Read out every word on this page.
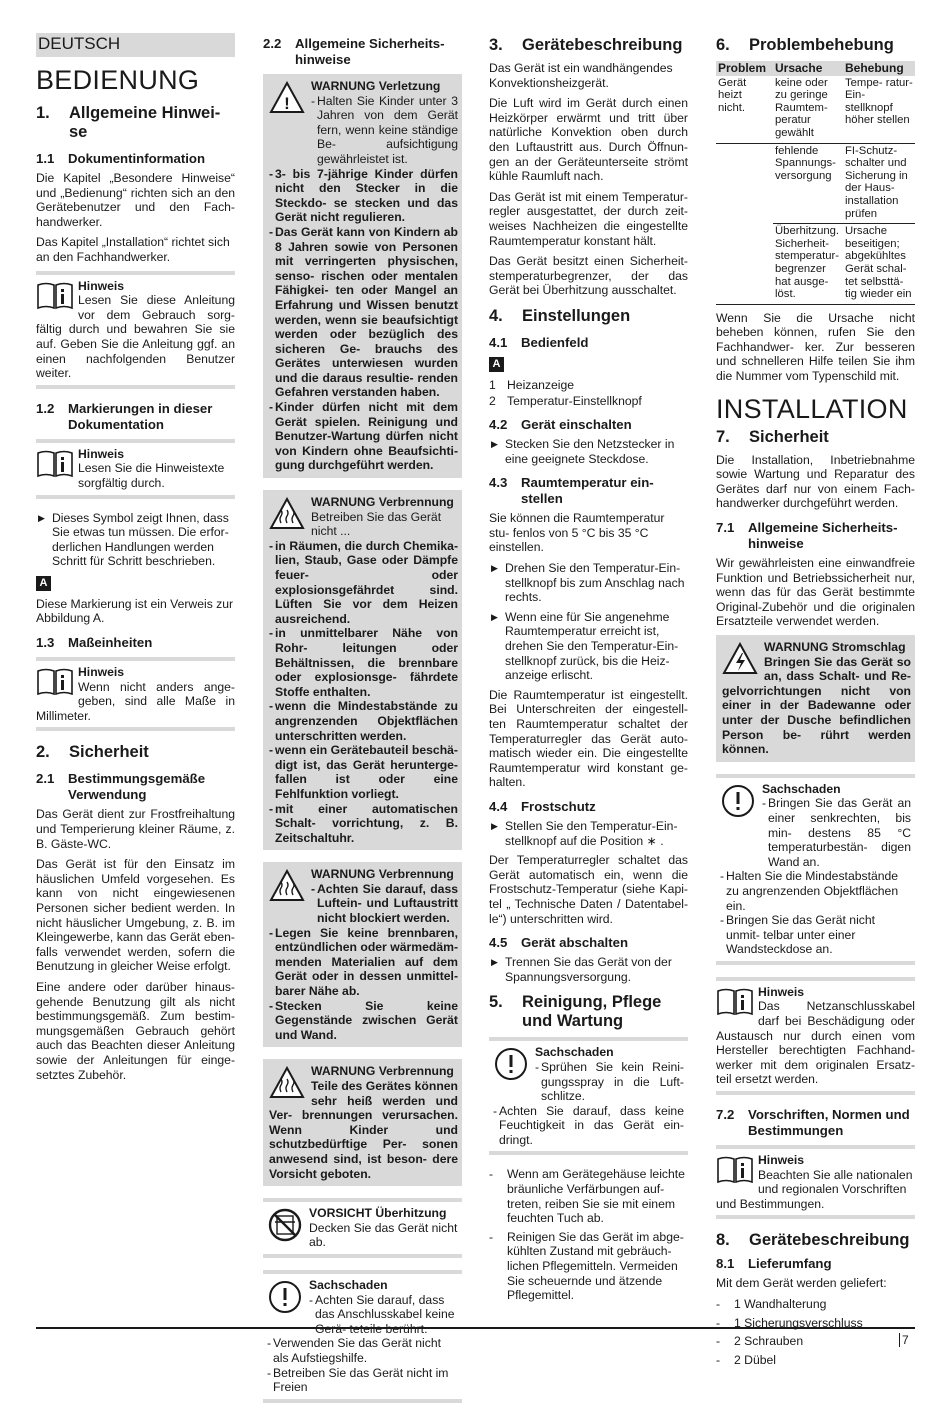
DEUTSCH
BEDIENUNG
1.	Allgemeine Hinwei- se
1.1	Dokumentinformation

Die Kapitel „Besondere Hinweise“ und „Bedienung“ richten sich an den Gerätebenutzer und den Fach- handwerker.

Das Kapitel „Installation“ richtet sich an den Fachhandwerker.

Hinweis
Lesen Sie diese Anleitung vor dem Gebrauch sorg- fältig durch und bewahren Sie sie auf. Geben Sie die Anleitung ggf. an einen nachfolgenden Benutzer weiter.
1.2	Markierungen in dieser Dokumentation
Hinweis
Lesen Sie die Hinweistexte sorgfältig durch.
▶ Dieses Symbol zeigt Ihnen, dass Sie etwas tun müssen. Die erfor- derlichen Handlungen werden Schritt für Schritt beschrieben.
A

Diese Markierung ist ein Verweis zur Abbildung A.

1.3	Maßeinheiten
Hinweis
Wenn nicht anders ange- geben, sind alle Maße in Millimeter.
2.	Sicherheit
2.1	Bestimmungsgemäße Verwendung

Das Gerät dient zur Frostfreihaltung und Temperierung kleiner Räume, z. B. Gäste-WC.

Das Gerät ist für den Einsatz im häuslichen Umfeld vorgesehen. Es kann von nicht eingewiesenen Personen sicher bedient werden. In nicht häuslicher Umgebung, z. B. im Kleingewerbe, kann das Gerät eben- falls verwendet werden, sofern die Benutzung in gleicher Weise erfolgt.

Eine andere oder darüber hinaus- gehende Benutzung gilt als nicht bestimmungsgemäß. Zum bestim- mungsgemäßen Gebrauch gehört auch das Beachten dieser Anleitung sowie der Anleitungen für einge- setztes Zubehör.

2.2	Allgemeine Sicherheits- hinweise
!
WARNUNG Verletzung
- Halten Sie Kinder unter 3 Jahren von dem Gerät fern, wenn keine ständige Be- aufsichtigung gewährleistet ist.
- 3- bis 7-jährige Kinder dürfen nicht den Stecker in die Steckdo- se stecken und das Gerät nicht regulieren.
- Das Gerät kann von Kindern ab 8 Jahren sowie von Personen mit verringerten physischen, senso- rischen oder mentalen Fähigkei- ten oder Mangel an Erfahrung und Wissen benutzt werden, wenn sie beaufsichtigt werden oder bezüglich des sicheren Ge- brauchs des Gerätes unterwiesen wurden und die daraus resultie- renden Gefahren verstanden haben.
- Kinder dürfen nicht mit dem Gerät spielen. Reinigung und Benutzer-Wartung dürfen nicht von Kindern ohne Beaufsichti- gung durchgeführt werden.
WARNUNG Verbrennung
Betreiben Sie das Gerät nicht ...
- in Räumen, die durch Chemika- lien, Staub, Gase oder Dämpfe feuer- oder explosionsgefährdet sind. Lüften Sie vor dem Heizen ausreichend.
- in unmittelbarer Nähe von Rohr- leitungen oder Behältnissen, die brennbare oder explosionsge- fährdete Stoffe enthalten.
- wenn die Mindestabstände zu angrenzenden Objektflächen unterschritten werden.
- wenn ein Gerätebauteil beschä- digt ist, das Gerät herunterge- fallen ist oder eine Fehlfunktion vorliegt.
- mit einer automatischen Schalt- vorrichtung, z. B. Zeitschaltuhr.
WARNUNG Verbrennung
- Achten Sie darauf, dass Luftein- und Luftaustritt nicht blockiert werden.
- Legen Sie keine brennbaren, entzündlichen oder wärmedäm- menden Materialien auf dem Gerät oder in dessen unmittel- barer Nähe ab.
- Stecken Sie keine Gegenstände zwischen Gerät und Wand.
WARNUNG Verbrennung
Teile des Gerätes können sehr heiß werden und Ver- brennungen verursachen. Wenn Kinder und schutzbedürftige Per- sonen anwesend sind, ist beson- dere Vorsicht geboten.
VORSICHT Überhitzung
Decken Sie das Gerät nicht ab.
Sachschaden
- Achten Sie darauf, dass das Anschlusskabel keine Gerä- teteile berührt.
- Verwenden Sie das Gerät nicht als Aufstiegshilfe.
- Betreiben Sie das Gerät nicht im Freien
3.	Gerätebeschreibung

Das Gerät ist ein wandhängendes Konvektionsheizgerät.

Die Luft wird im Gerät durch einen Heizkörper erwärmt und tritt über natürliche Konvektion oben durch den Luftaustritt aus. Durch Öffnun- gen an der Geräteunterseite strömt kühle Raumluft nach.

Das Gerät ist mit einem Temperatur- regler ausgestattet, der durch zeit- weises Nachheizen die eingestellte Raumtemperatur konstant hält.

Das Gerät besitzt einen Sicherheit- stemperaturbegrenzer, der das Gerät bei Überhitzung ausschaltet.

4.	Einstellungen
4.1	Bedienfeld
A
1 Heizanzeige
2 Temperatur-Einstellknopf
4.2	Gerät einschalten
▶ Stecken Sie den Netzstecker in eine geeignete Steckdose.
4.3	Raumtemperatur ein- stellen

Sie können die Raumtemperatur stu- fenlos von 5 °C bis 35 °C einstellen.

▶ Drehen Sie den Temperatur-Ein- stellknopf bis zum Anschlag nach rechts.
▶ Wenn eine für Sie angenehme Raumtemperatur erreicht ist, drehen Sie den Temperatur-Ein- stellknopf zurück, bis die Heiz- anzeige erlischt.

Die Raumtemperatur ist eingestellt. Bei Unterschreiten der eingestell- ten Raumtemperatur schaltet der Temperaturregler das Gerät auto- matisch wieder ein. Die eingestellte Raumtemperatur wird konstant ge- halten.

4.4	Frostschutz
▶ Stellen Sie den Temperatur-Ein- stellknopf auf die Position ∗ .

Der Temperaturregler schaltet das Gerät automatisch ein, wenn die Frostschutz-Temperatur (siehe Kapi- tel „ Technische Daten / Datentabel- le“) unterschritten wird.

4.5	Gerät abschalten
▶ Trennen Sie das Gerät von der Spannungsversorgung.
5.	Reinigung, Pflege und Wartung
Sachschaden
- Sprühen Sie kein Reini- gungsspray in die Luft- schlitze.
- Achten Sie darauf, dass keine Feuchtigkeit in das Gerät ein- dringt.
-	Wenn am Gerätegehäuse leichte bräunliche Verfärbungen auf- treten, reiben Sie sie mit einem feuchten Tuch ab.
-	Reinigen Sie das Gerät im abge- kühlten Zustand mit gebräuch- lichen Pflegemitteln. Vermeiden Sie scheuernde und ätzende Pflegemittel.
6.	Problembehebung
Problem	Ursache	Behebung
Gerät heizt nicht.	keine oder zu geringe Raumtem- peratur gewählt	Tempe- ratur-Ein- stellknopf höher stellen
	fehlende Spannungs- versorgung	FI-Schutz- schalter und Sicherung in der Haus- installation prüfen
	Überhitzung. Sicherheit- stemperatur- begrenzer hat ausge- löst.	Ursache beseitigen; abgekühltes Gerät schal- tet selbsttä- tig wieder ein

Wenn Sie die Ursache nicht beheben können, rufen Sie den Fachhandwer- ker. Zur besseren und schnelleren Hilfe teilen Sie ihm die Nummer vom Typenschild mit.

INSTALLATION
7.	Sicherheit

Die Installation, Inbetriebnahme sowie Wartung und Reparatur des Gerätes darf nur von einem Fach- handwerker durchgeführt werden.

7.1	Allgemeine Sicherheits- hinweise

Wir gewährleisten eine einwandfreie Funktion und Betriebssicherheit nur, wenn das für das Gerät bestimmte Original-Zubehör und die originalen Ersatzteile verwendet werden.

WARNUNG Stromschlag
Bringen Sie das Gerät so an, dass Schalt- und Re- gelvorrichtungen nicht von einer in der Badewanne oder unter der Dusche befindlichen Person be- rührt werden können.
Sachschaden
- Bringen Sie das Gerät an einer senkrechten, bis min- destens 85 °C temperaturbestän- digen Wand an.
- Halten Sie die Mindestabstände zu angrenzenden Objektflächen ein.
- Bringen Sie das Gerät nicht unmit- telbar unter einer Wandsteckdose an.
Hinweis
Das Netzanschlusskabel darf bei Beschädigung oder Austausch nur durch einen vom Hersteller berechtigten Fachhand- werker mit dem originalen Ersatz- teil ersetzt werden.
7.2	Vorschriften, Normen und Bestimmungen
Hinweis
Beachten Sie alle nationalen und regionalen Vorschriften und Bestimmungen.
8.	Gerätebeschreibung
8.1	Lieferumfang

Mit dem Gerät werden geliefert:

-	1 Wandhalterung
-	1 Sicherungsverschluss
-	2 Schrauben
-	2 Dübel
7
